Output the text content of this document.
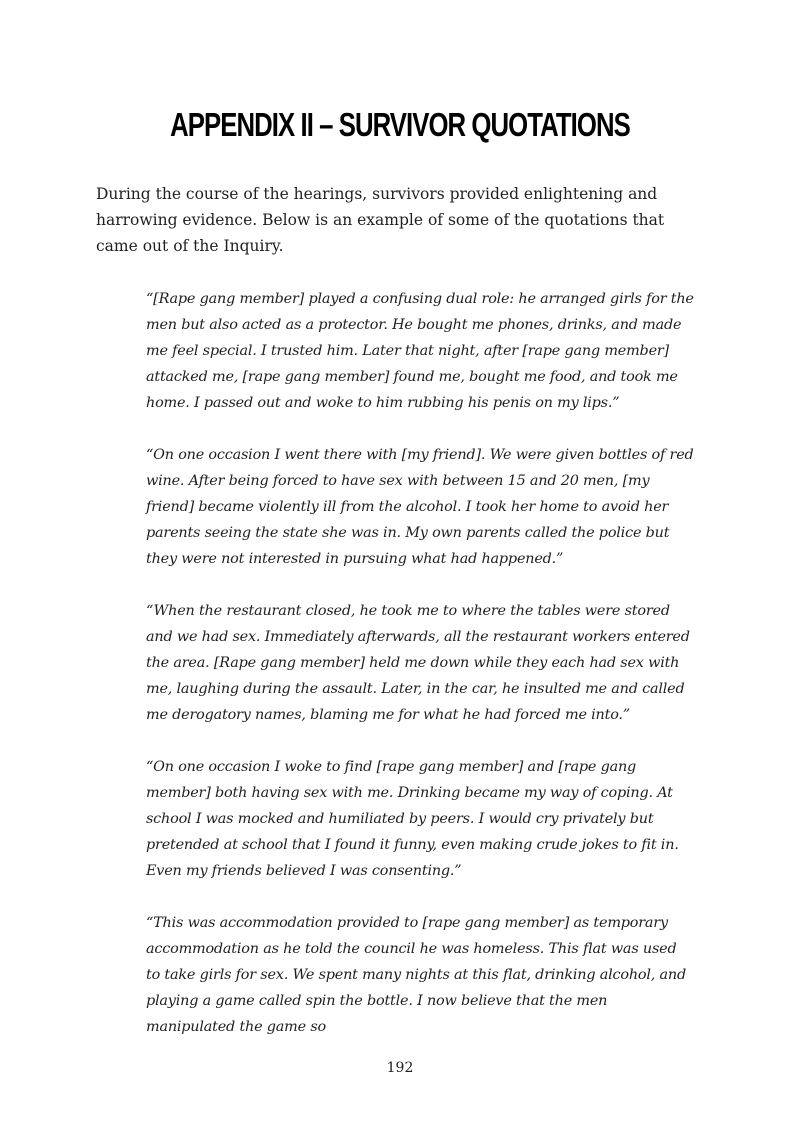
APPENDIX II – SURVIVOR QUOTATIONS

During the course of the hearings, survivors provided enlightening and harrowing evidence. Below is an example of some of the quotations that came out of the Inquiry.

“[Rape gang member] played a confusing dual role: he arranged girls for the men but also acted as a protector. He bought me phones, drinks, and made me feel special. I trusted him. Later that night, after [rape gang member] attacked me, [rape gang member] found me, bought me food, and took me home. I passed out and woke to him rubbing his penis on my lips.”

“On one occasion I went there with [my friend]. We were given bottles of red wine. After being forced to have sex with between 15 and 20 men, [my friend] became violently ill from the alcohol. I took her home to avoid her parents seeing the state she was in. My own parents called the police but they were not interested in pursuing what had happened.”

“When the restaurant closed, he took me to where the tables were stored and we had sex. Immediately afterwards, all the restaurant workers entered the area. [Rape gang member] held me down while they each had sex with me, laughing during the assault. Later, in the car, he insulted me and called me derogatory names, blaming me for what he had forced me into.”

“On one occasion I woke to find [rape gang member] and [rape gang member] both having sex with me. Drinking became my way of coping. At school I was mocked and humiliated by peers. I would cry privately but pretended at school that I found it funny, even making crude jokes to fit in. Even my friends believed I was consenting.”

“This was accommodation provided to [rape gang member] as temporary accommodation as he told the council he was homeless. This flat was used to take girls for sex. We spent many nights at this flat, drinking alcohol, and playing a game called spin the bottle. I now believe that the men manipulated the game so

192
